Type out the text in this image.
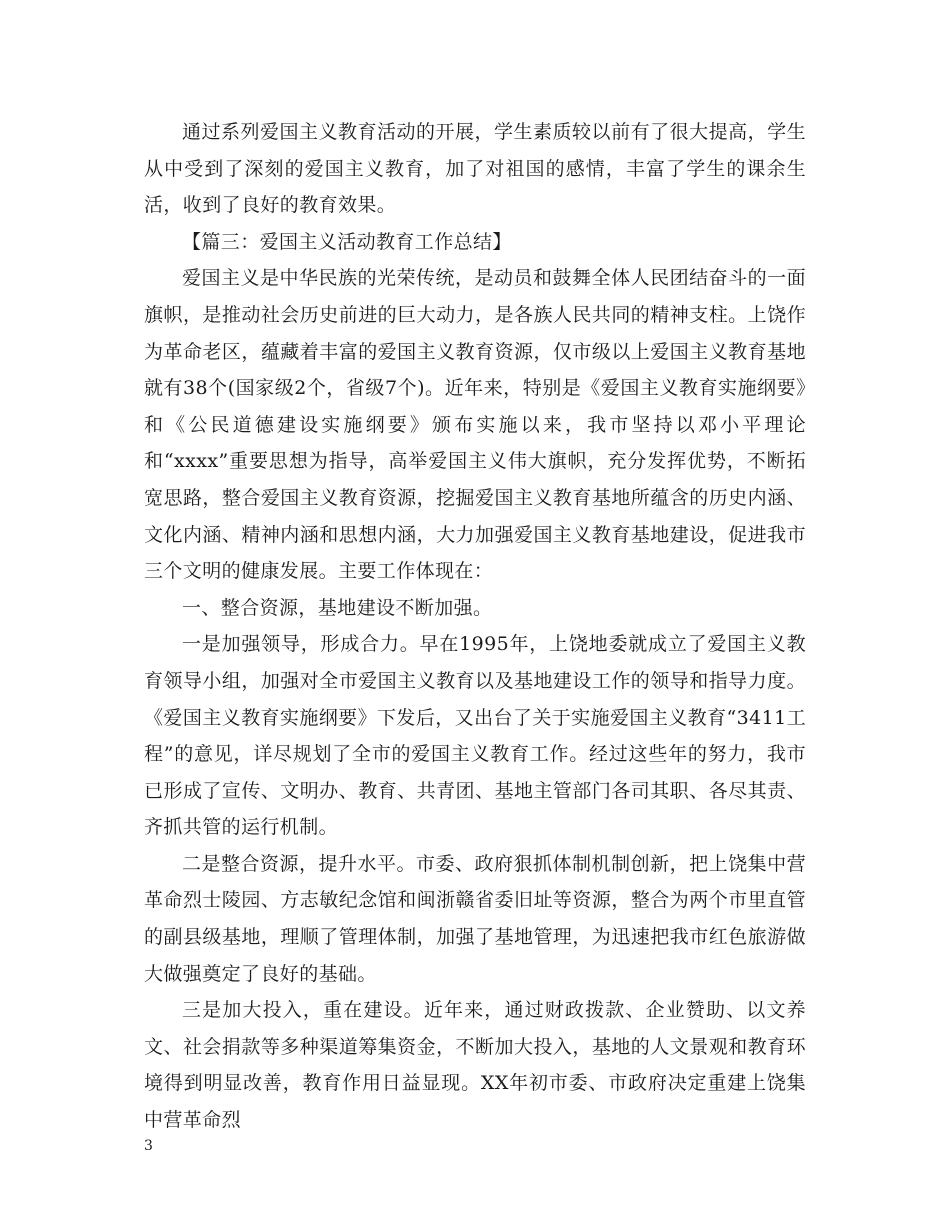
通过系列爱国主义教育活动的开展，学生素质较以前有了很大提高，学生从中受到了深刻的爱国主义教育，加了对祖国的感情，丰富了学生的课余生活，收到了良好的教育效果。

【篇三：爱国主义活动教育工作总结】

爱国主义是中华民族的光荣传统，是动员和鼓舞全体人民团结奋斗的一面旗帜，是推动社会历史前进的巨大动力，是各族人民共同的精神支柱。上饶作为革命老区，蕴藏着丰富的爱国主义教育资源，仅市级以上爱国主义教育基地就有38个(国家级2个，省级7个)。近年来，特别是《爱国主义教育实施纲要》和《公民道德建设实施纲要》颁布实施以来，我市坚持以邓小平理论和“xxxx”重要思想为指导，高举爱国主义伟大旗帜，充分发挥优势，不断拓宽思路，整合爱国主义教育资源，挖掘爱国主义教育基地所蕴含的历史内涵、文化内涵、精神内涵和思想内涵，大力加强爱国主义教育基地建设，促进我市三个文明的健康发展。主要工作体现在：

一、整合资源，基地建设不断加强。

一是加强领导，形成合力。早在1995年，上饶地委就成立了爱国主义教育领导小组，加强对全市爱国主义教育以及基地建设工作的领导和指导力度。《爱国主义教育实施纲要》下发后，又出台了关于实施爱国主义教育“3411工程”的意见，详尽规划了全市的爱国主义教育工作。经过这些年的努力，我市已形成了宣传、文明办、教育、共青团、基地主管部门各司其职、各尽其责、齐抓共管的运行机制。

二是整合资源，提升水平。市委、政府狠抓体制机制创新，把上饶集中营革命烈士陵园、方志敏纪念馆和闽浙赣省委旧址等资源，整合为两个市里直管的副县级基地，理顺了管理体制，加强了基地管理，为迅速把我市红色旅游做大做强奠定了良好的基础。

三是加大投入，重在建设。近年来，通过财政拨款、企业赞助、以文养文、社会捐款等多种渠道筹集资金，不断加大投入，基地的人文景观和教育环境得到明显改善，教育作用日益显现。XX年初市委、市政府决定重建上饶集中营革命烈

3
